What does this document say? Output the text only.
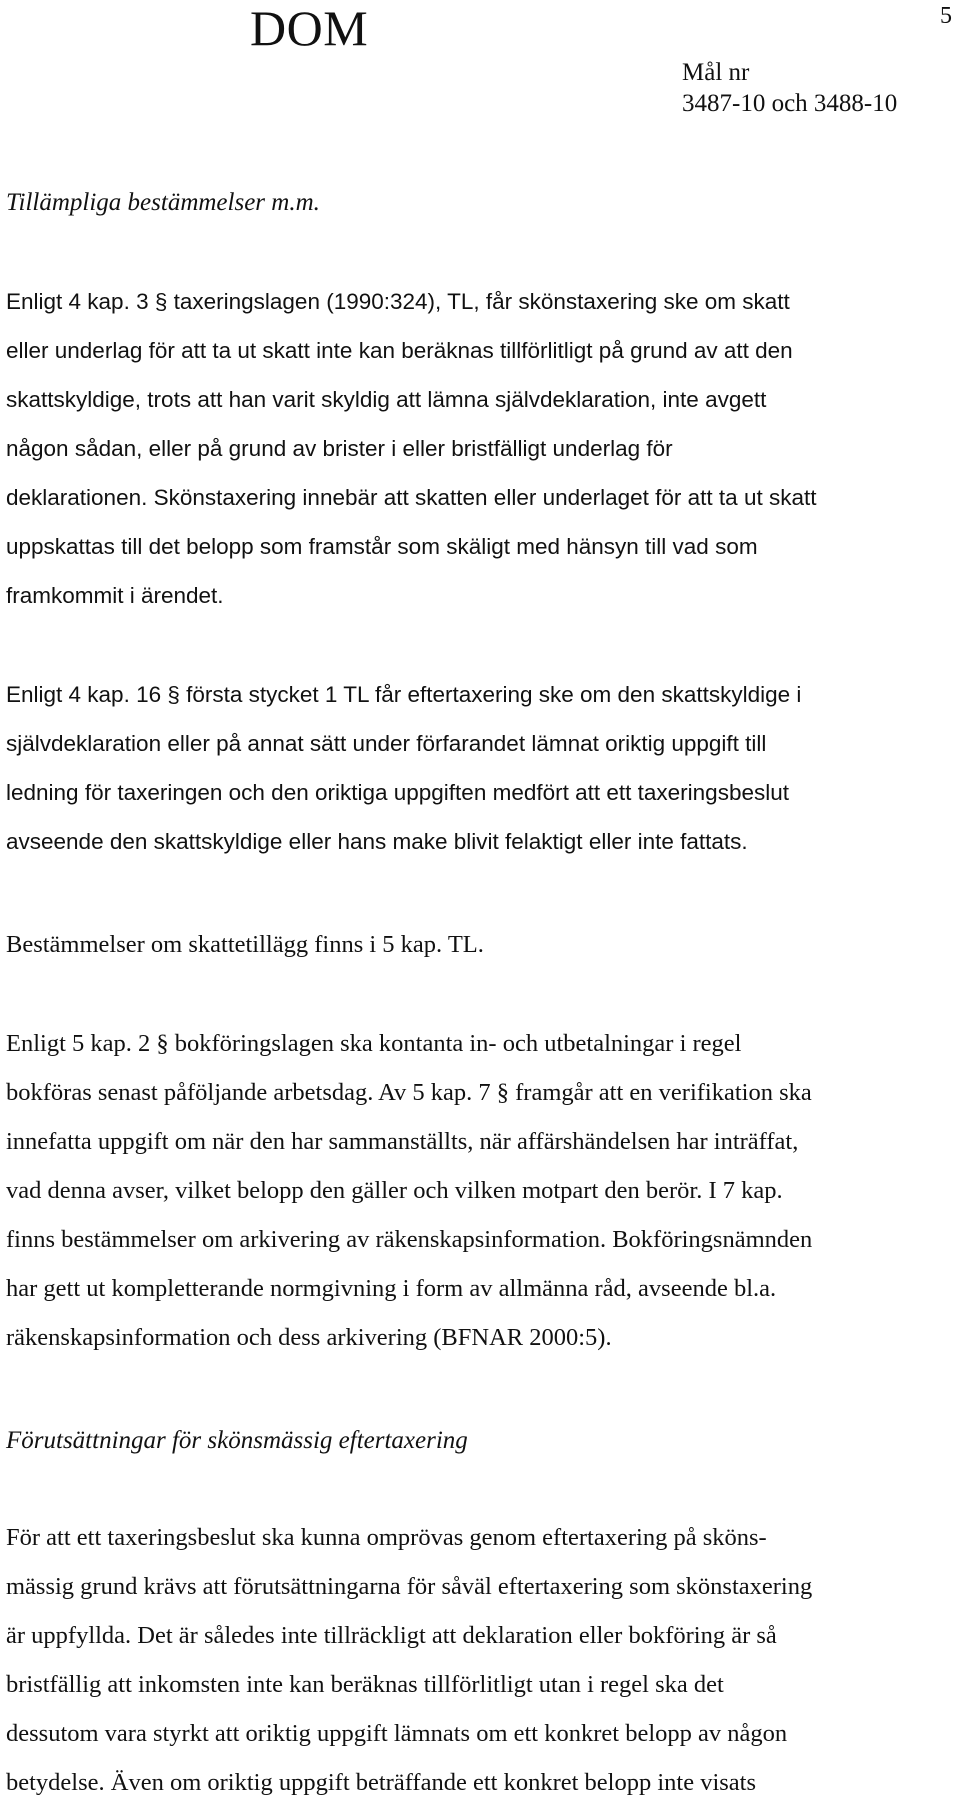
DOM	5
Mål nr
3487-10 och 3488-10
Tillämpliga bestämmelser m.m.
Enligt 4 kap. 3 § taxeringslagen (1990:324), TL, får skönstaxering ske om skatt
eller underlag för att ta ut skatt inte kan beräknas tillförlitligt på grund av att den
skattskyldige, trots att han varit skyldig att lämna självdeklaration, inte avgett
någon sådan, eller på grund av brister i eller bristfälligt underlag för
deklarationen. Skönstaxering innebär att skatten eller underlaget för att ta ut skatt
uppskattas till det belopp som framstår som skäligt med hänsyn till vad som
framkommit i ärendet.
Enligt 4 kap. 16 § första stycket 1 TL får eftertaxering ske om den skattskyldige i
självdeklaration eller på annat sätt under förfarandet lämnat oriktig uppgift till
ledning för taxeringen och den oriktiga uppgiften medfört att ett taxeringsbeslut
avseende den skattskyldige eller hans make blivit felaktigt eller inte fattats.
Bestämmelser om skattetillägg finns i 5 kap. TL.
Enligt 5 kap. 2 § bokföringslagen ska kontanta in- och utbetalningar i regel
bokföras senast påföljande arbetsdag. Av 5 kap. 7 § framgår att en verifikation ska
innefatta uppgift om när den har sammanställts, när affärshändelsen har inträffat,
vad denna avser, vilket belopp den gäller och vilken motpart den berör. I 7 kap.
finns bestämmelser om arkivering av räkenskapsinformation. Bokföringsnämnden
har gett ut kompletterande normgivning i form av allmänna råd, avseende bl.a.
räkenskapsinformation och dess arkivering (BFNAR 2000:5).
Förutsättningar för skönsmässig eftertaxering
För att ett taxeringsbeslut ska kunna omprövas genom eftertaxering på sköns-
mässig grund krävs att förutsättningarna för såväl eftertaxering som skönstaxering
är uppfyllda. Det är således inte tillräckligt att deklaration eller bokföring är så
bristfällig att inkomsten inte kan beräknas tillförlitligt utan i regel ska det
dessutom vara styrkt att oriktig uppgift lämnats om ett konkret belopp av någon
betydelse. Även om oriktig uppgift beträffande ett konkret belopp inte visats
